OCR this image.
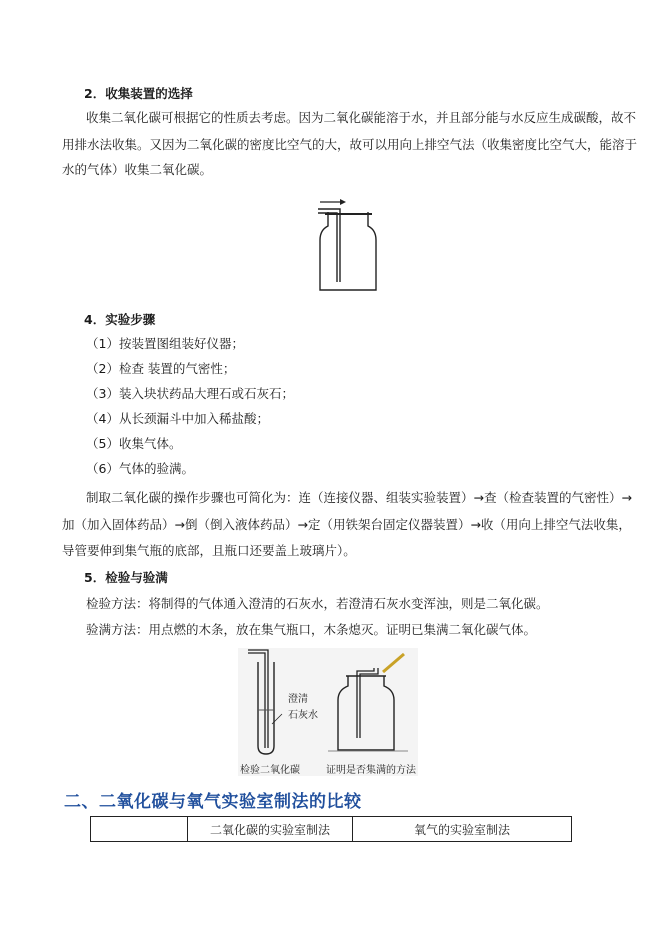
2．收集装置的选择
收集二氧化碳可根据它的性质去考虑。因为二氧化碳能溶于水，并且部分能与水反应生成碳酸，故不
用排水法收集。又因为二氧化碳的密度比空气的大，故可以用向上排空气法（收集密度比空气大，能溶于
水的气体）收集二氧化碳。
4．实验步骤
（1）按装置图组装好仪器；
（2）检查 装置的气密性；
（3）装入块状药品大理石或石灰石；
（4）从长颈漏斗中加入稀盐酸；
（5）收集气体。
（6）气体的验满。
制取二氧化碳的操作步骤也可简化为：连（连接仪器、组装实验装置）→查（检查装置的气密性）→
加（加入固体药品）→倒（倒入液体药品）→定（用铁架台固定仪器装置）→收（用向上排空气法收集，
导管要伸到集气瓶的底部，且瓶口还要盖上玻璃片）。
5．检验与验满
检验方法：将制得的气体通入澄清的石灰水，若澄清石灰水变浑浊，则是二氧化碳。
验满方法：用点燃的木条，放在集气瓶口，木条熄灭。证明已集满二氧化碳气体。
澄清
石灰水
检验二氧化碳	证明是否集满的方法
二、二氧化碳与氧气实验室制法的比较
	二氧化碳的实验室制法	氧气的实验室制法
